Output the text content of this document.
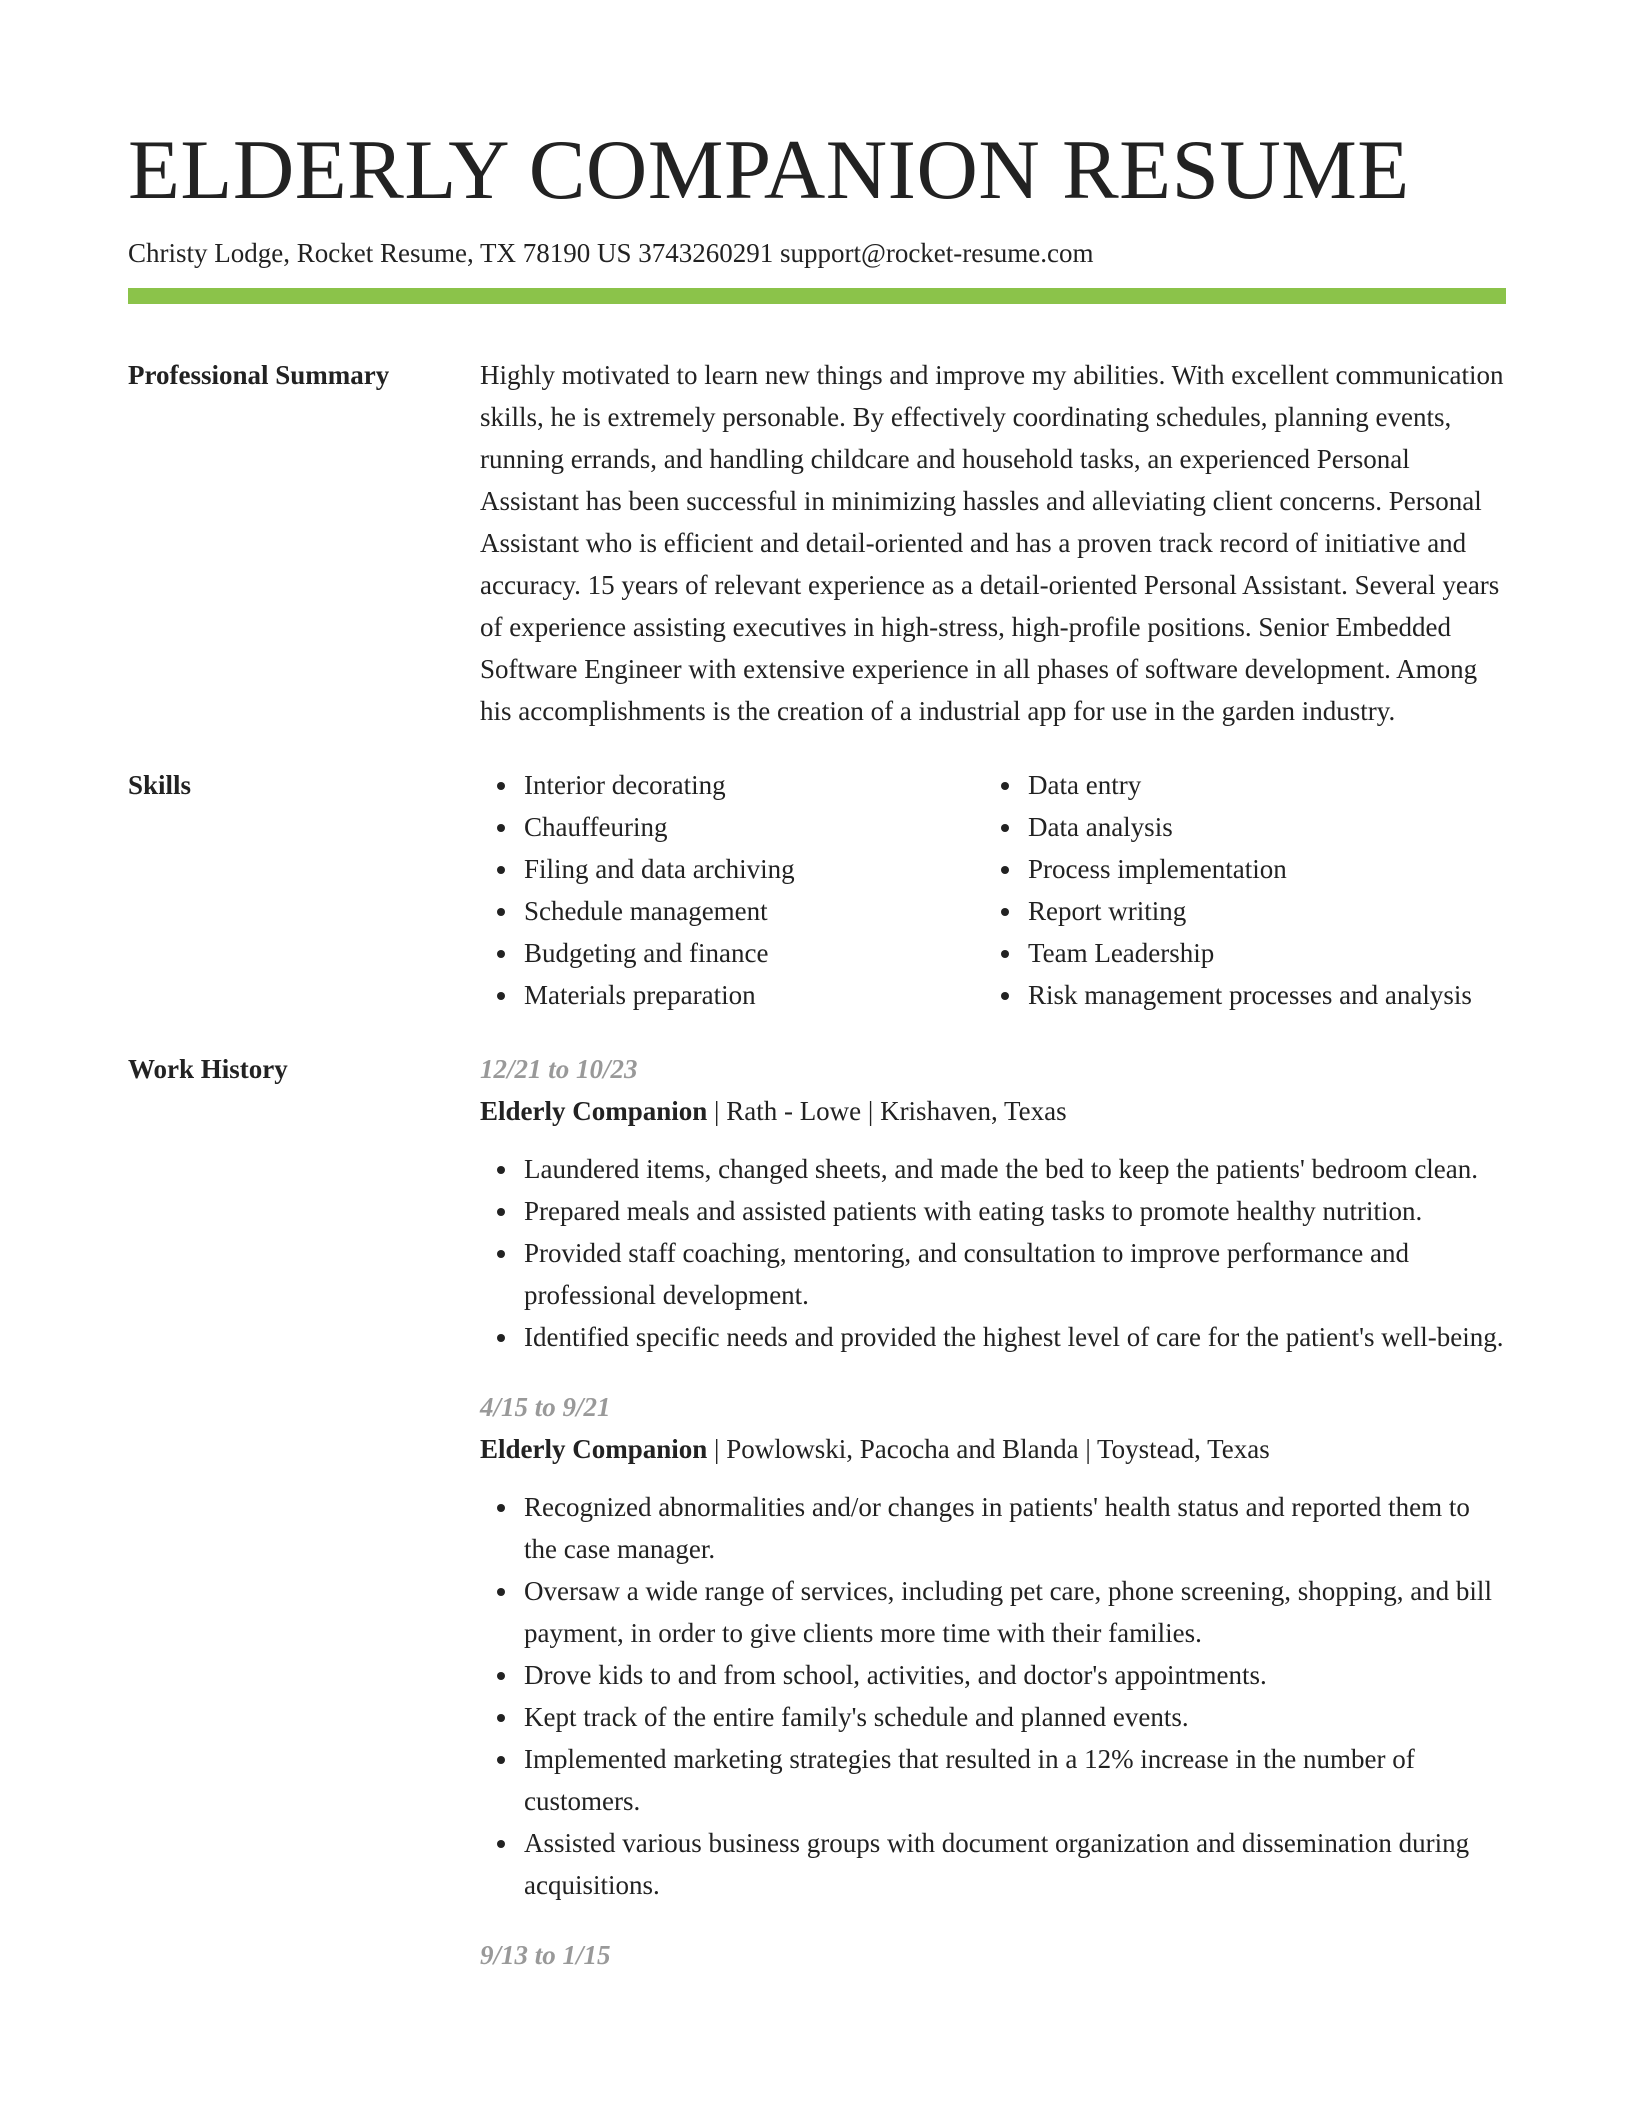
ELDERLY COMPANION RESUME
Christy Lodge, Rocket Resume, TX 78190 US 3743260291 support@rocket-resume.com
Professional Summary	Highly motivated to learn new things and improve my abilities. With excellent communication skills, he is extremely personable. By effectively coordinating schedules, planning events, running errands, and handling childcare and household tasks, an experienced Personal Assistant has been successful in minimizing hassles and alleviating client concerns. Personal Assistant who is efficient and detail-oriented and has a proven track record of initiative and accuracy. 15 years of relevant experience as a detail-oriented Personal Assistant. Several years of experience assisting executives in high-stress, high-profile positions. Senior Embedded Software Engineer with extensive experience in all phases of software development. Among his accomplishments is the creation of a industrial app for use in the garden industry.

Skills	Interior decorating
Chauffeuring
Filing and data archiving
Schedule management
Budgeting and finance
Materials preparation
Data entry
Data analysis
Process implementation
Report writing
Team Leadership
Risk management processes and analysis
Work History	12/21 to 10/23
Elderly Companion | Rath - Lowe | Krishaven, Texas
Laundered items, changed sheets, and made the bed to keep the patients' bedroom clean.
Prepared meals and assisted patients with eating tasks to promote healthy nutrition.
Provided staff coaching, mentoring, and consultation to improve performance and professional development.
Identified specific needs and provided the highest level of care for the patient's well-being.
4/15 to 9/21
Elderly Companion | Powlowski, Pacocha and Blanda | Toystead, Texas
Recognized abnormalities and/or changes in patients' health status and reported them to the case manager.
Oversaw a wide range of services, including pet care, phone screening, shopping, and bill payment, in order to give clients more time with their families.
Drove kids to and from school, activities, and doctor's appointments.
Kept track of the entire family's schedule and planned events.
Implemented marketing strategies that resulted in a 12% increase in the number of customers.
Assisted various business groups with document organization and dissemination during acquisitions.
9/13 to 1/15
